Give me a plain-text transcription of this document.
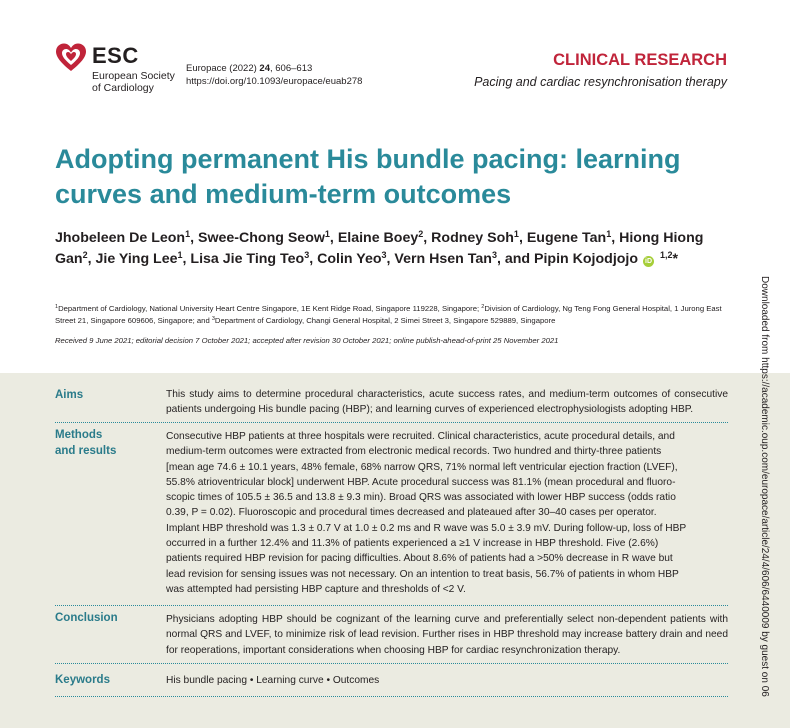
ESC
European Society
of Cardiology
Europace (2022) 24, 606–613
https://doi.org/10.1093/europace/euab278
CLINICAL RESEARCH
Pacing and cardiac resynchronisation therapy
Adopting permanent His bundle pacing: learning curves and medium-term outcomes
Jhobeleen De Leon$^1$, Swee-Chong Seow$^1$, Elaine Boey$^2$, Rodney Soh$^1$, Eugene Tan$^1$, Hiong Hiong Gan$^2$, Jie Ying Lee$^1$, Lisa Jie Ting Teo$^3$, Colin Yeo$^3$, Vern Hsen Tan$^3$, and Pipin Kojodjojo iD $^{1,2}$*
$^1$Department of Cardiology, National University Heart Centre Singapore, 1E Kent Ridge Road, Singapore 119228, Singapore; $^2$Division of Cardiology, Ng Teng Fong General Hospital, 1 Jurong East Street 21, Singapore 609606, Singapore; and $^3$Department of Cardiology, Changi General Hospital, 2 Simei Street 3, Singapore 529889, Singapore
Received 9 June 2021; editorial decision 7 October 2021; accepted after revision 30 October 2021; online publish-ahead-of-print 25 November 2021
Aims	This study aims to determine procedural characteristics, acute success rates, and medium-term outcomes of consecutive patients undergoing His bundle pacing (HBP); and learning curves of experienced electrophysiologists adopting HBP.
Methods
and results
Consecutive HBP patients at three hospitals were recruited. Clinical characteristics, acute procedural details, and
medium-term outcomes were extracted from electronic medical records. Two hundred and thirty-three patients
[mean age 74.6 ± 10.1 years, 48% female, 68% narrow QRS, 71% normal left ventricular ejection fraction (LVEF),
55.8% atrioventricular block] underwent HBP. Acute procedural success was 81.1% (mean procedural and fluoro-
scopic times of 105.5 ± 36.5 and 13.8 ± 9.3 min). Broad QRS was associated with lower HBP success (odds ratio
0.39, P = 0.02). Fluoroscopic and procedural times decreased and plateaued after 30–40 cases per operator.
Implant HBP threshold was 1.3 ± 0.7 V at 1.0 ± 0.2 ms and R wave was 5.0 ± 3.9 mV. During follow-up, loss of HBP
occurred in a further 12.4% and 11.3% of patients experienced a ≥1 V increase in HBP threshold. Five (2.6%)
patients required HBP revision for pacing difficulties. About 8.6% of patients had a >50% decrease in R wave but
lead revision for sensing issues was not necessary. On an intention to treat basis, 56.7% of patients in whom HBP
was attempted had persisting HBP capture and thresholds of <2 V.
Conclusion	Physicians adopting HBP should be cognizant of the learning curve and preferentially select non-dependent patients with normal QRS and LVEF, to minimize risk of lead revision. Further rises in HBP threshold may increase battery drain and need for reoperations, important considerations when choosing HBP for cardiac resynchronization therapy.
Keywords	His bundle pacing • Learning curve • Outcomes	Downloaded from https://academic.oup.com/europace/article/24/4/606/6440009 by guest on 06
